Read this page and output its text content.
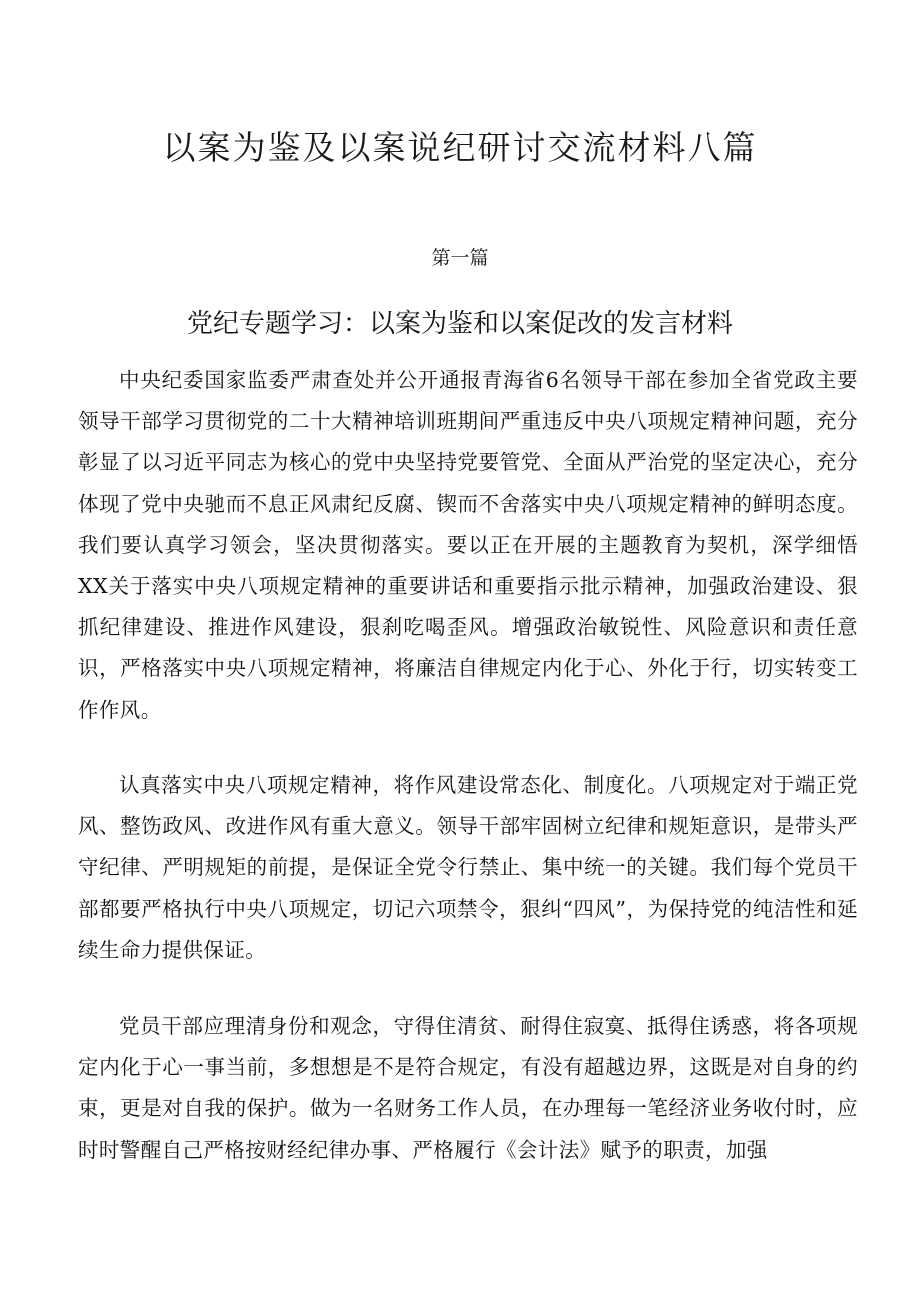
以案为鉴及以案说纪研讨交流材料八篇
第一篇
党纪专题学习：以案为鉴和以案促改的发言材料

中央纪委国家监委严肃查处并公开通报青海省6名领导干部在参加全省党政主要领导干部学习贯彻党的二十大精神培训班期间严重违反中央八项规定精神问题，充分彰显了以习近平同志为核心的党中央坚持党要管党、全面从严治党的坚定决心，充分体现了党中央驰而不息正风肃纪反腐、锲而不舍落实中央八项规定精神的鲜明态度。我们要认真学习领会，坚决贯彻落实。要以正在开展的主题教育为契机，深学细悟XX关于落实中央八项规定精神的重要讲话和重要指示批示精神，加强政治建设、狠抓纪律建设、推进作风建设，狠刹吃喝歪风。增强政治敏锐性、风险意识和责任意识，严格落实中央八项规定精神，将廉洁自律规定内化于心、外化于行，切实转变工作作风。

认真落实中央八项规定精神，将作风建设常态化、制度化。八项规定对于端正党风、整饬政风、改进作风有重大意义。领导干部牢固树立纪律和规矩意识，是带头严守纪律、严明规矩的前提，是保证全党令行禁止、集中统一的关键。我们每个党员干部都要严格执行中央八项规定，切记六项禁令，狠纠“四风”，为保持党的纯洁性和延续生命力提供保证。

党员干部应理清身份和观念，守得住清贫、耐得住寂寞、抵得住诱惑，将各项规定内化于心一事当前，多想想是不是符合规定，有没有超越边界，这既是对自身的约束，更是对自我的保护。做为一名财务工作人员，在办理每一笔经济业务收付时，应时时警醒自己严格按财经纪律办事、严格履行《会计法》赋予的职责，加强
